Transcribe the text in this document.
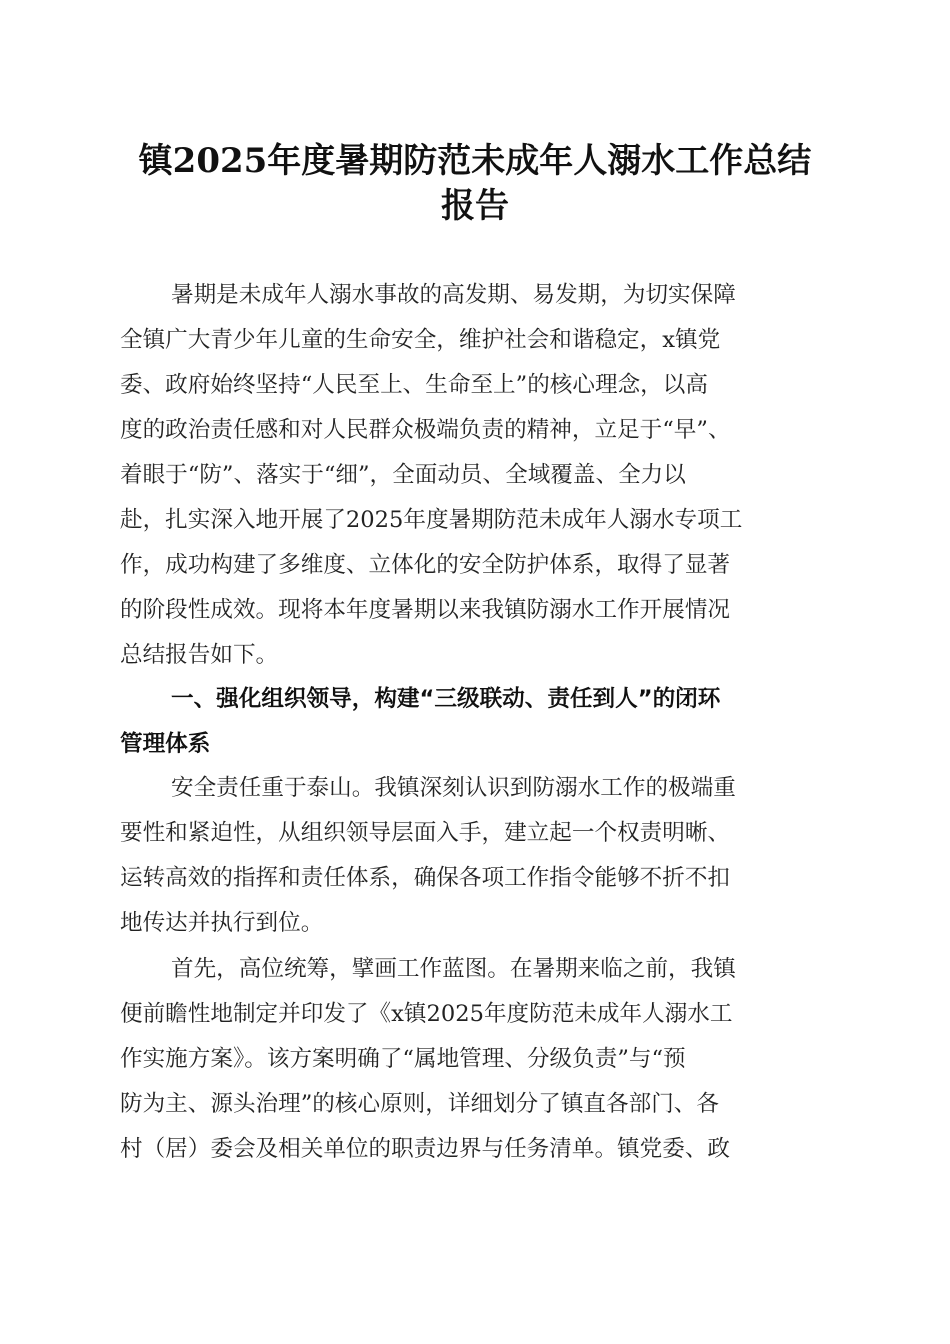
镇2025年度暑期防范未成年人溺水工作总结
报告
暑期是未成年人溺水事故的高发期、易发期，为切实保障
全镇广大青少年儿童的生命安全，维护社会和谐稳定，x镇党
委、政府始终坚持“人民至上、生命至上”的核心理念，以高
度的政治责任感和对人民群众极端负责的精神，立足于“早”、
着眼于“防”、落实于“细”，全面动员、全域覆盖、全力以
赴，扎实深入地开展了2025年度暑期防范未成年人溺水专项工
作，成功构建了多维度、立体化的安全防护体系，取得了显著
的阶段性成效。现将本年度暑期以来我镇防溺水工作开展情况
总结报告如下。
一、强化组织领导，构建“三级联动、责任到人”的闭环
管理体系
安全责任重于泰山。我镇深刻认识到防溺水工作的极端重
要性和紧迫性，从组织领导层面入手，建立起一个权责明晰、
运转高效的指挥和责任体系，确保各项工作指令能够不折不扣
地传达并执行到位。
首先，高位统筹，擘画工作蓝图。在暑期来临之前，我镇
便前瞻性地制定并印发了《x镇2025年度防范未成年人溺水工
作实施方案》。该方案明确了“属地管理、分级负责”与“预
防为主、源头治理”的核心原则，详细划分了镇直各部门、各
村（居）委会及相关单位的职责边界与任务清单。镇党委、政
